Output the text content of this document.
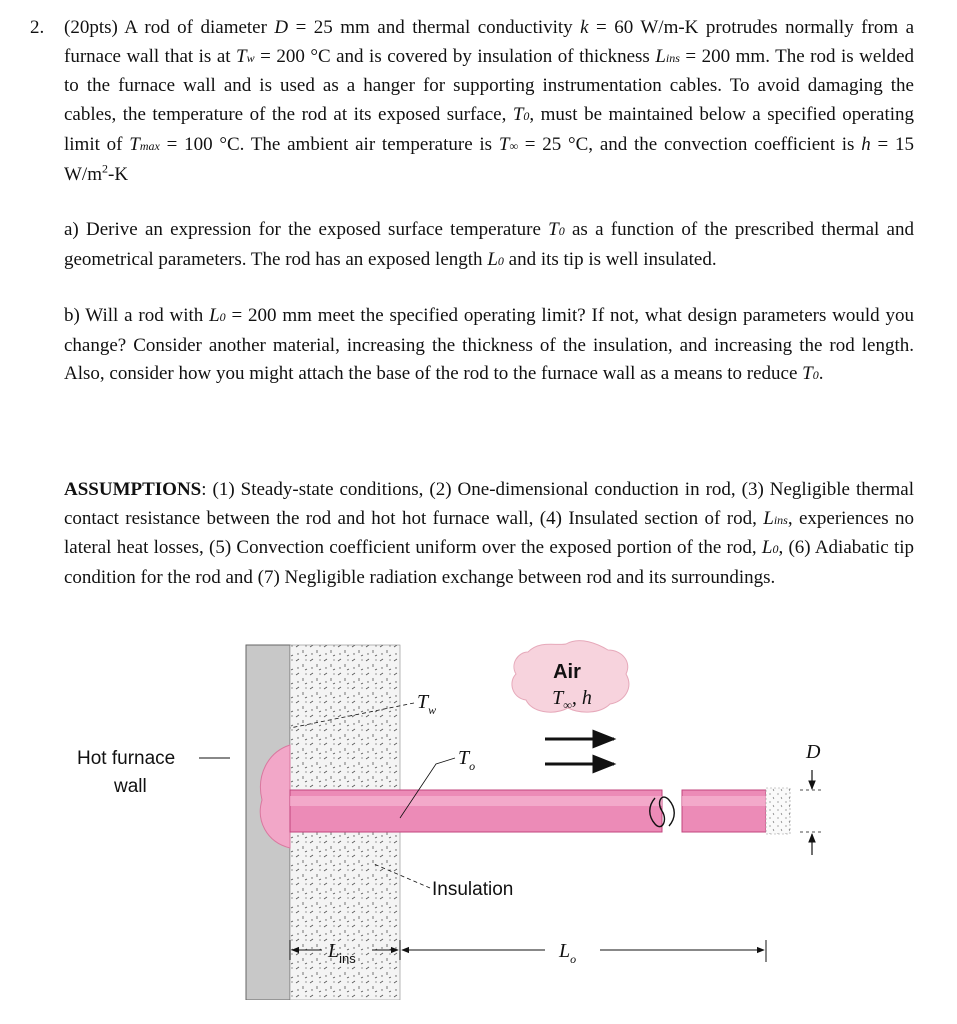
2. (20pts) A rod of diameter D = 25 mm and thermal conductivity k = 60 W/m-K protrudes normally from a furnace wall that is at Tw = 200 °C and is covered by insulation of thickness Lins = 200 mm. The rod is welded to the furnace wall and is used as a hanger for supporting instrumentation cables. To avoid damaging the cables, the temperature of the rod at its exposed surface, T0, must be maintained below a specified operating limit of Tmax = 100 °C. The ambient air temperature is T∞ = 25 °C, and the convection coefficient is h = 15 $W/m^2-K$
a) Derive an expression for the exposed surface temperature T0 as a function of the prescribed thermal and geometrical parameters. The rod has an exposed length L0 and its tip is well insulated.
b) Will a rod with L0 = 200 mm meet the specified operating limit? If not, what design parameters would you change? Consider another material, increasing the thickness of the insulation, and increasing the rod length. Also, consider how you might attach the base of the rod to the furnace wall as a means to reduce T0.
ASSUMPTIONS: (1) Steady-state conditions, (2) One-dimensional conduction in rod, (3) Negligible thermal contact resistance between the rod and hot hot furnace wall, (4) Insulated section of rod, Lins, experiences no lateral heat losses, (5) Convection coefficient uniform over the exposed portion of the rod, L0, (6) Adiabatic tip condition for the rod and (7) Negligible radiation exchange between rod and its surroundings.
D
Hot furnace
wall
$T_w$
$T_o$
Air
$T_\infty$, h
Insulation
$L_{ins}$	$L_o$
